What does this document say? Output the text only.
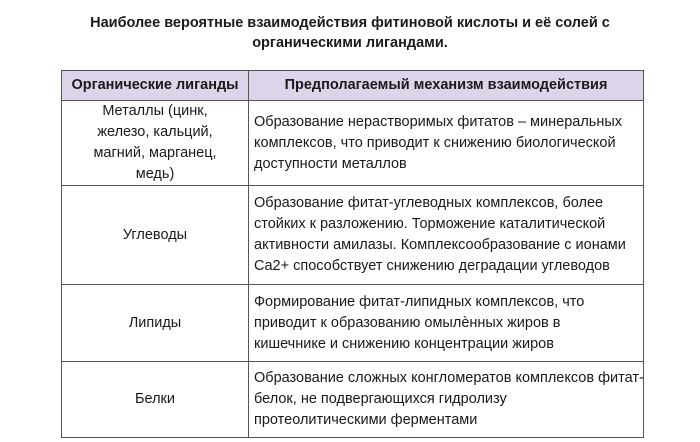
Наиболее вероятные взаимодействия фитиновой кислоты и её солей с
органическими лигандами.
Органические лиганды	Предполагаемый механизм взаимодействия

Металлы (цинк,
железо, кальций,
магний, марганец,
медь)	Образование нерастворимых фитатов – минеральных
комплексов, что приводит к снижению биологической
доступности металлов

Углеводы	Образование фитат-углеводных комплексов, более
стойких к разложению. Торможение каталитической
активности амилазы. Комплексообразование с ионами
Ca2+ способствует снижению деградации углеводов

Липиды	Формирование фитат-липидных комплексов, что
приводит к образованию омылѐнных жиров в
кишечнике и снижению концентрации жиров

Белки	Образование сложных конгломератов комплексов фитат-
белок, не подвергающихся гидролизу
протеолитическими ферментами
